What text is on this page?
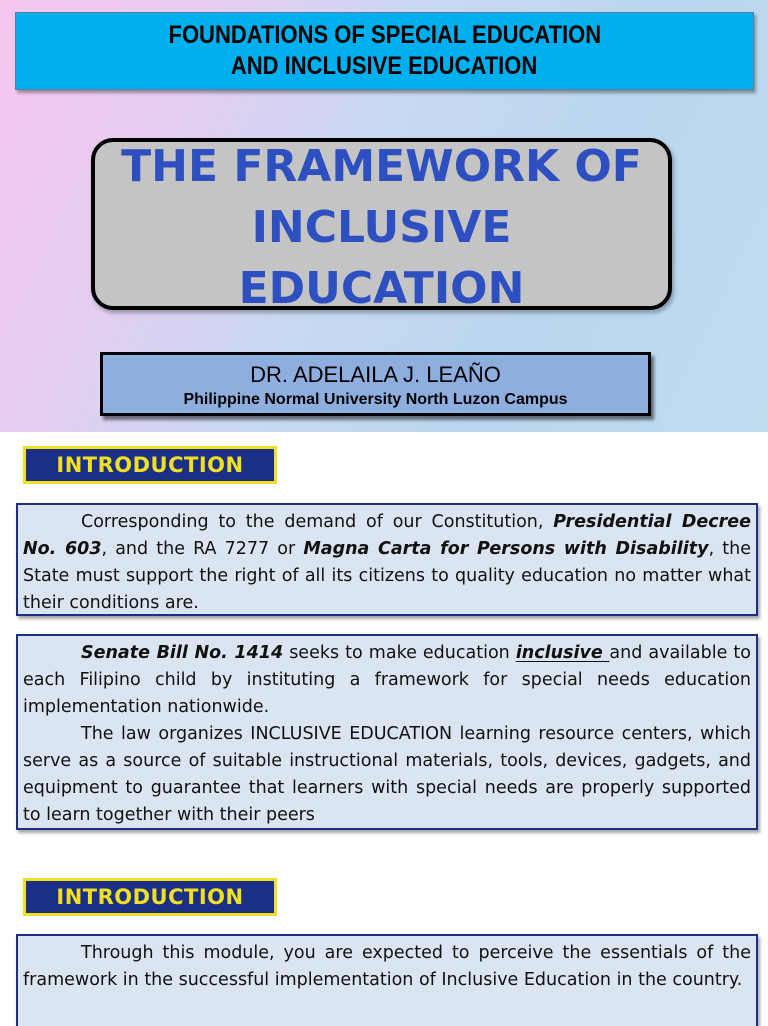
FOUNDATIONS OF SPECIAL EDUCATION
AND INCLUSIVE EDUCATION
THE FRAMEWORK OF
INCLUSIVE
EDUCATION
DR. ADELAILA J. LEAÑO
Philippine Normal University North Luzon Campus
INTRODUCTION

Corresponding to the demand of our Constitution, Presidential Decree No. 603, and the RA 7277 or Magna Carta for Persons with Disability, the State must support the right of all its citizens to quality education no matter what their conditions are.

Senate Bill No. 1414 seeks to make education inclusive and available to each Filipino child by instituting a framework for special needs education implementation nationwide.

The law organizes INCLUSIVE EDUCATION learning resource centers, which serve as a source of suitable instructional materials, tools, devices, gadgets, and equipment to guarantee that learners with special needs are properly supported to learn together with their peers

INTRODUCTION

Through this module, you are expected to perceive the essentials of the framework in the successful implementation of Inclusive Education in the country.
